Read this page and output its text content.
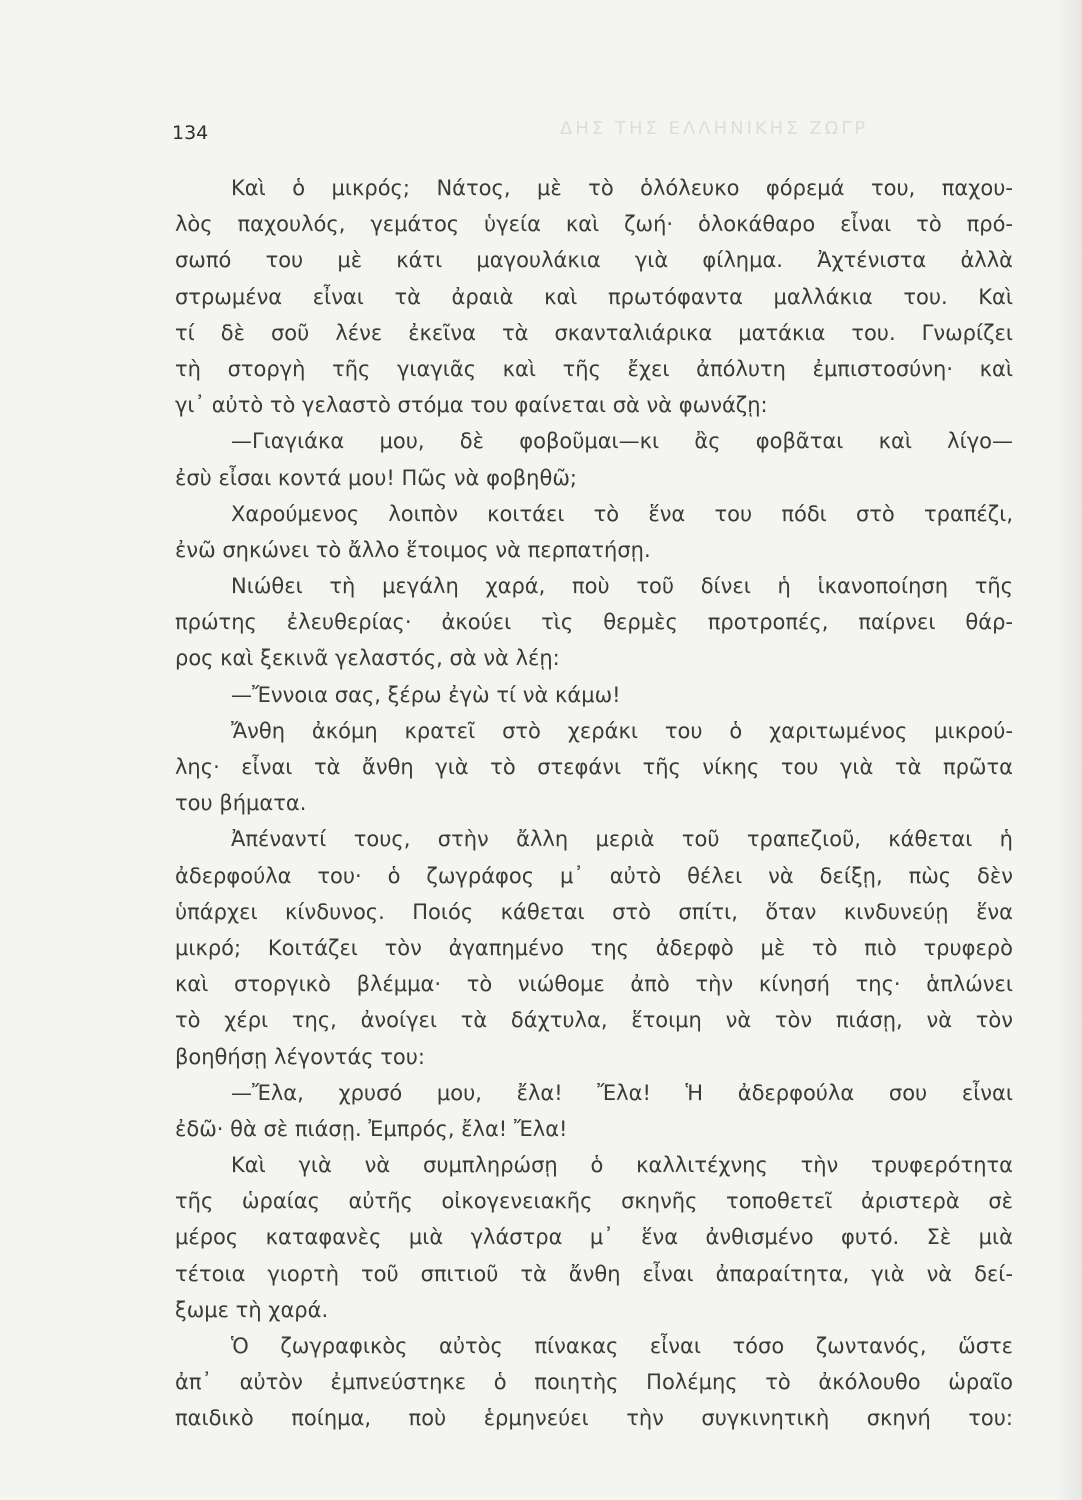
ΔΗΣ ΤΗΣ ΕΛΛΗΝΙΚΗΣ ΖΩΓΡ

134

Καὶ ὁ μικρός; Νάτος, μὲ τὸ ὁλόλευκο φόρεμά του, παχου-
λὸς παχουλός, γεμάτος ὑγεία καὶ ζωή· ὁλοκάθαρο εἶναι τὸ πρό-
σωπό του μὲ κάτι μαγουλάκια γιὰ φίλημα. Ἀχτένιστα ἀλλὰ
στρωμένα εἶναι τὰ ἀραιὰ καὶ πρωτόφαντα μαλλάκια του. Καὶ
τί δὲ σοῦ λένε ἐκεῖνα τὰ σκανταλιάρικα ματάκια του. Γνωρίζει
τὴ στοργὴ τῆς γιαγιᾶς καὶ τῆς ἔχει ἀπόλυτη ἐμπιστοσύνη· καὶ
γι᾿ αὐτὸ τὸ γελαστὸ στόμα του φαίνεται σὰ νὰ φωνάζῃ:
—Γιαγιάκα μου, δὲ φοβοῦμαι—κι ἂς φοβᾶται καὶ λίγο—
ἐσὺ εἶσαι κοντά μου! Πῶς νὰ φοβηθῶ;
Χαρούμενος λοιπὸν κοιτάει τὸ ἕνα του πόδι στὸ τραπέζι,
ἐνῶ σηκώνει τὸ ἄλλο ἕτοιμος νὰ περπατήσῃ.
Νιώθει τὴ μεγάλη χαρά, ποὺ τοῦ δίνει ἡ ἱκανοποίηση τῆς
πρώτης ἐλευθερίας· ἀκούει τὶς θερμὲς προτροπές, παίρνει θάρ-
ρος καὶ ξεκινᾶ γελαστός, σὰ νὰ λέῃ:
—Ἔννοια σας, ξέρω ἐγὼ τί νὰ κάμω!
Ἄνθη ἀκόμη κρατεῖ στὸ χεράκι του ὁ χαριτωμένος μικρού-
λης· εἶναι τὰ ἄνθη γιὰ τὸ στεφάνι τῆς νίκης του γιὰ τὰ πρῶτα
του βήματα.
Ἀπέναντί τους, στὴν ἄλλη μεριὰ τοῦ τραπεζιοῦ, κάθεται ἡ
ἀδερφούλα του· ὁ ζωγράφος μ᾿ αὐτὸ θέλει νὰ δείξῃ, πὼς δὲν
ὑπάρχει κίνδυνος. Ποιός κάθεται στὸ σπίτι, ὅταν κινδυνεύῃ ἕνα
μικρό; Κοιτάζει τὸν ἀγαπημένο της ἀδερφὸ μὲ τὸ πιὸ τρυφερὸ
καὶ στοργικὸ βλέμμα· τὸ νιώθομε ἀπὸ τὴν κίνησή της· ἁπλώνει
τὸ χέρι της, ἀνοίγει τὰ δάχτυλα, ἕτοιμη νὰ τὸν πιάσῃ, νὰ τὸν
βοηθήσῃ λέγοντάς του:
—Ἔλα, χρυσό μου, ἔλα! Ἔλα! Ἡ ἀδερφούλα σου εἶναι
ἐδῶ· θὰ σὲ πιάσῃ. Ἐμπρός, ἔλα! Ἔλα!
Καὶ γιὰ νὰ συμπληρώσῃ ὁ καλλιτέχνης τὴν τρυφερότητα
τῆς ὡραίας αὐτῆς οἰκογενειακῆς σκηνῆς τοποθετεῖ ἀριστερὰ σὲ
μέρος καταφανὲς μιὰ γλάστρα μ᾿ ἕνα ἀνθισμένο φυτό. Σὲ μιὰ
τέτοια γιορτὴ τοῦ σπιτιοῦ τὰ ἄνθη εἶναι ἀπαραίτητα, γιὰ νὰ δεί-
ξωμε τὴ χαρά.
Ὁ ζωγραφικὸς αὐτὸς πίνακας εἶναι τόσο ζωντανός, ὥστε
ἀπ᾿ αὐτὸν ἐμπνεύστηκε ὁ ποιητὴς Πολέμης τὸ ἀκόλουθο ὡραῖο
παιδικὸ ποίημα, ποὺ ἑρμηνεύει τὴν συγκινητικὴ σκηνή του:
